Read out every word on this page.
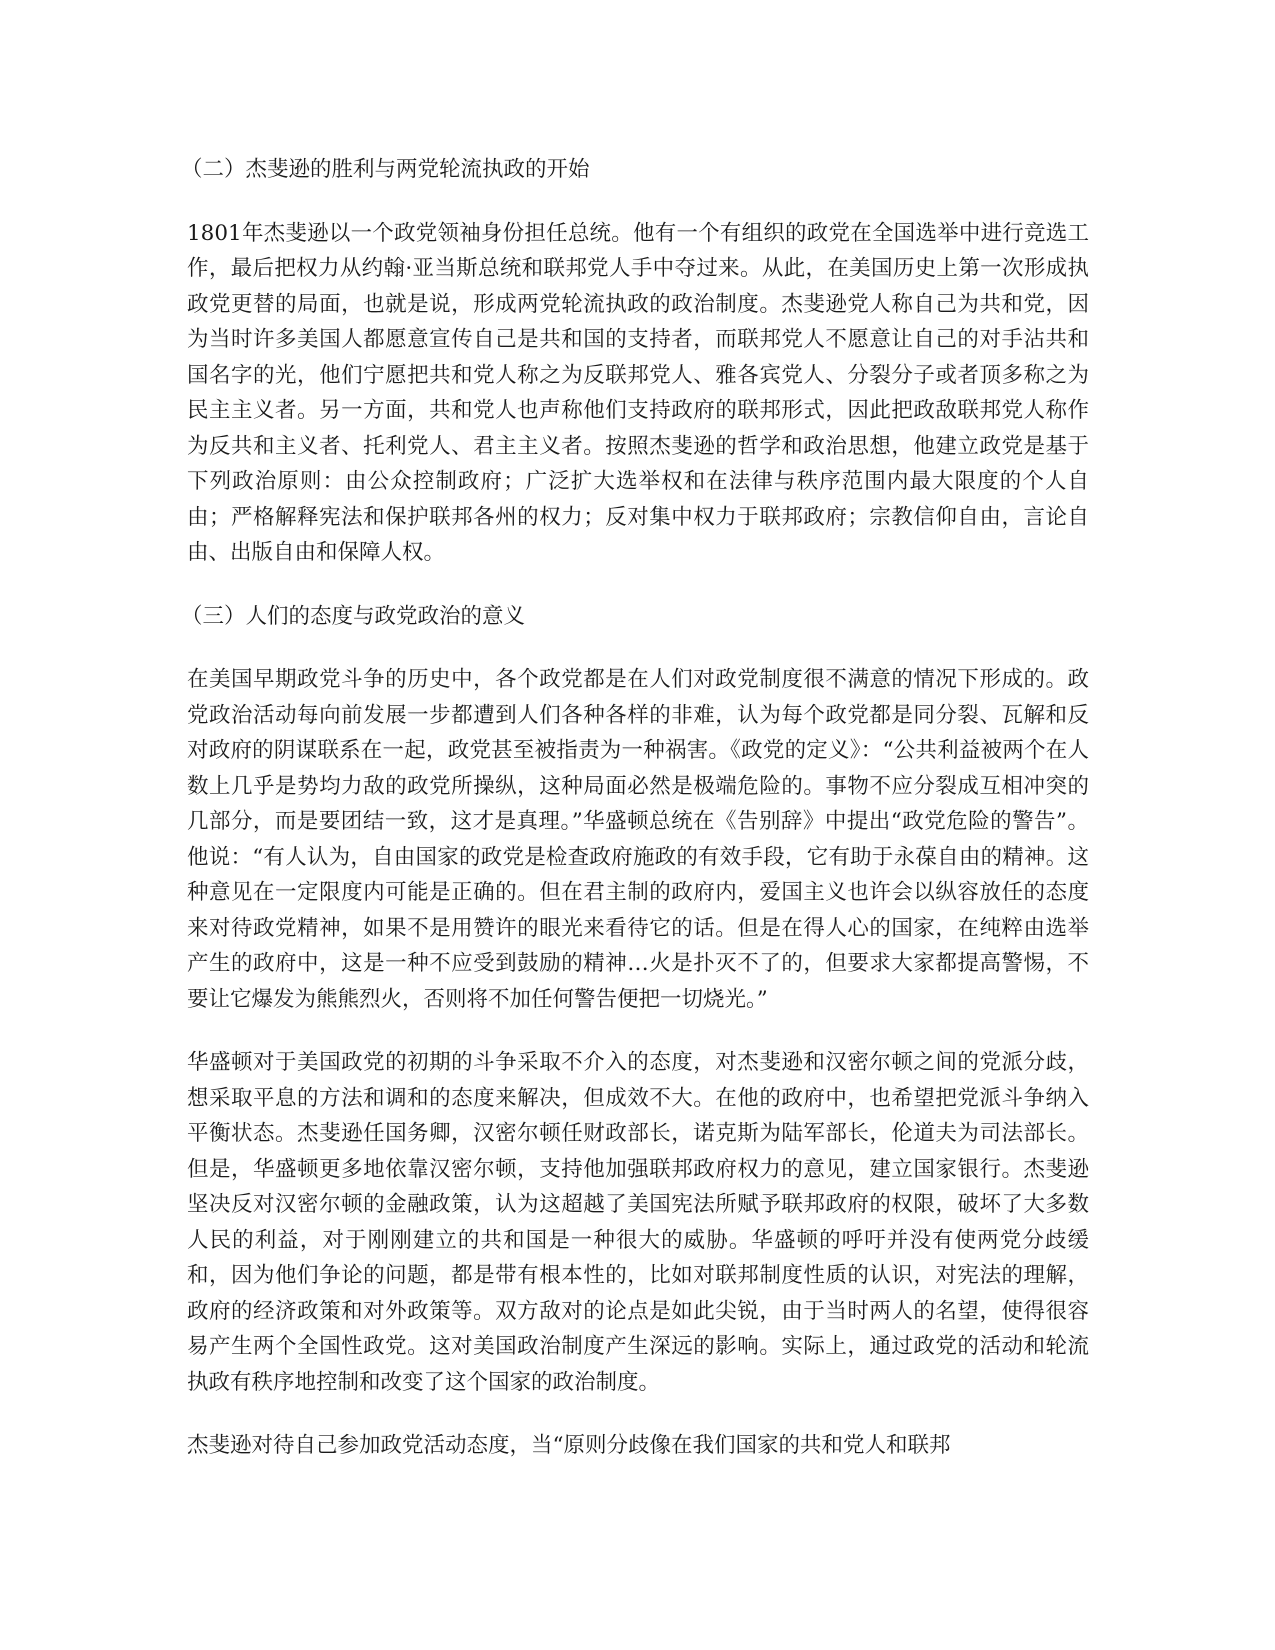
（二）杰斐逊的胜利与两党轮流执政的开始

1801年杰斐逊以一个政党领袖身份担任总统。他有一个有组织的政党在全国选举中进行竞选工作，最后把权力从约翰·亚当斯总统和联邦党人手中夺过来。从此，在美国历史上第一次形成执政党更替的局面，也就是说，形成两党轮流执政的政治制度。杰斐逊党人称自己为共和党，因为当时许多美国人都愿意宣传自己是共和国的支持者，而联邦党人不愿意让自己的对手沾共和国名字的光，他们宁愿把共和党人称之为反联邦党人、雅各宾党人、分裂分子或者顶多称之为民主主义者。另一方面，共和党人也声称他们支持政府的联邦形式，因此把政敌联邦党人称作为反共和主义者、托利党人、君主主义者。按照杰斐逊的哲学和政治思想，他建立政党是基于下列政治原则：由公众控制政府；广泛扩大选举权和在法律与秩序范围内最大限度的个人自由；严格解释宪法和保护联邦各州的权力；反对集中权力于联邦政府；宗教信仰自由，言论自由、出版自由和保障人权。

（三）人们的态度与政党政治的意义

在美国早期政党斗争的历史中，各个政党都是在人们对政党制度很不满意的情况下形成的。政党政治活动每向前发展一步都遭到人们各种各样的非难，认为每个政党都是同分裂、瓦解和反对政府的阴谋联系在一起，政党甚至被指责为一种祸害。《政党的定义》：“公共利益被两个在人数上几乎是势均力敌的政党所操纵，这种局面必然是极端危险的。事物不应分裂成互相冲突的几部分，而是要团结一致，这才是真理。”华盛顿总统在《告别辞》中提出“政党危险的警告”。他说：“有人认为，自由国家的政党是检查政府施政的有效手段，它有助于永葆自由的精神。这种意见在一定限度内可能是正确的。但在君主制的政府内，爱国主义也许会以纵容放任的态度来对待政党精神，如果不是用赞许的眼光来看待它的话。但是在得人心的国家，在纯粹由选举产生的政府中，这是一种不应受到鼓励的精神…火是扑灭不了的，但要求大家都提高警惕，不要让它爆发为熊熊烈火，否则将不加任何警告便把一切烧光。”

华盛顿对于美国政党的初期的斗争采取不介入的态度，对杰斐逊和汉密尔顿之间的党派分歧，想采取平息的方法和调和的态度来解决，但成效不大。在他的政府中，也希望把党派斗争纳入平衡状态。杰斐逊任国务卿，汉密尔顿任财政部长，诺克斯为陆军部长，伦道夫为司法部长。但是，华盛顿更多地依靠汉密尔顿，支持他加强联邦政府权力的意见，建立国家银行。杰斐逊坚决反对汉密尔顿的金融政策，认为这超越了美国宪法所赋予联邦政府的权限，破坏了大多数人民的利益，对于刚刚建立的共和国是一种很大的威胁。华盛顿的呼吁并没有使两党分歧缓和，因为他们争论的问题，都是带有根本性的，比如对联邦制度性质的认识，对宪法的理解，政府的经济政策和对外政策等。双方敌对的论点是如此尖锐，由于当时两人的名望，使得很容易产生两个全国性政党。这对美国政治制度产生深远的影响。实际上，通过政党的活动和轮流执政有秩序地控制和改变了这个国家的政治制度。

杰斐逊对待自己参加政党活动态度，当“原则分歧像在我们国家的共和党人和联邦
